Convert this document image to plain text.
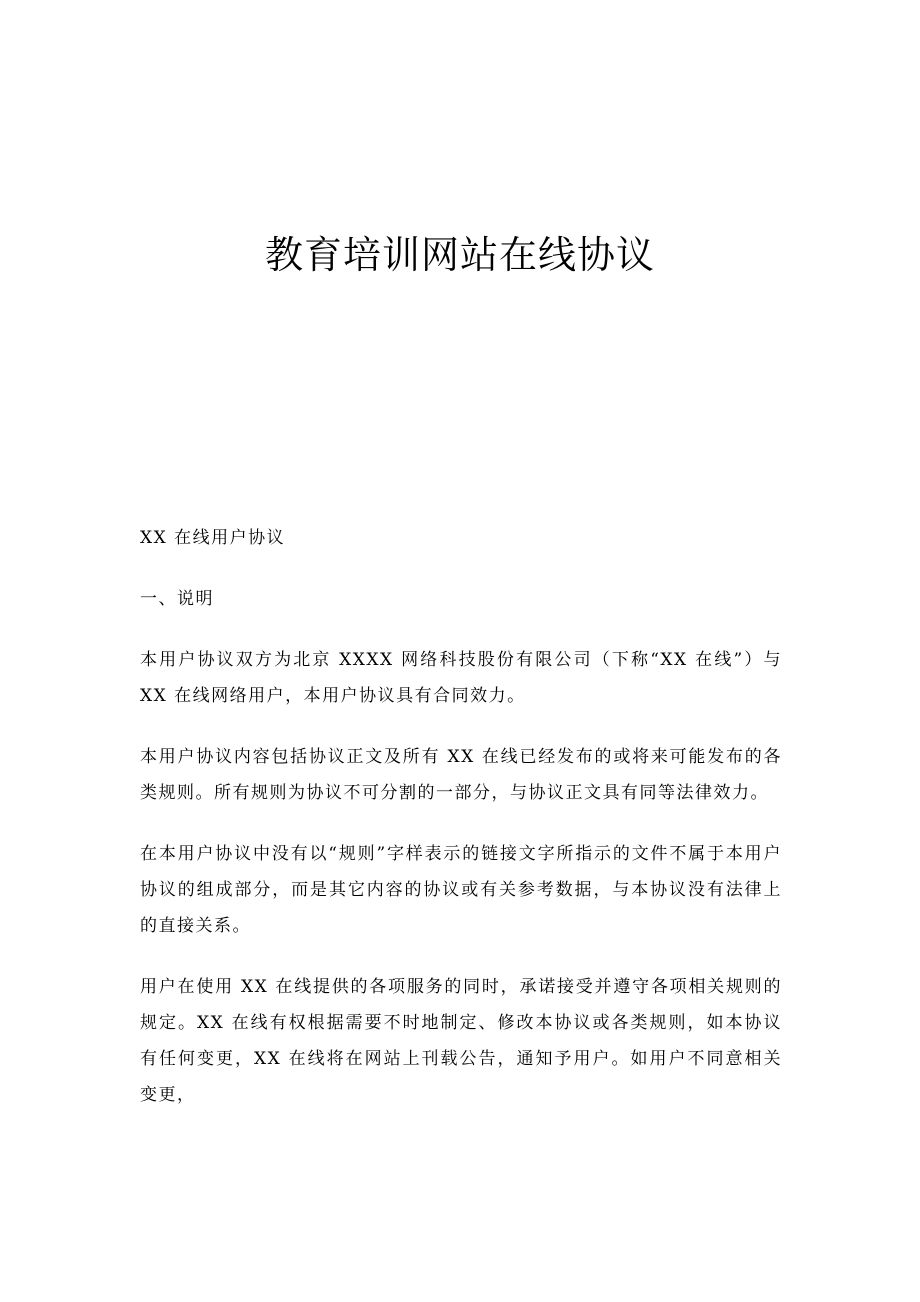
教育培训网站在线协议

XX 在线用户协议

一、说明

本用户协议双方为北京 XXXX 网络科技股份有限公司（下称“XX 在线”）与 XX 在线网络用户，本用户协议具有合同效力。

本用户协议内容包括协议正文及所有 XX 在线已经发布的或将来可能发布的各类规则。所有规则为协议不可分割的一部分，与协议正文具有同等法律效力。

在本用户协议中没有以“规则”字样表示的链接文字所指示的文件不属于本用户协议的组成部分，而是其它内容的协议或有关参考数据，与本协议没有法律上的直接关系。

用户在使用 XX 在线提供的各项服务的同时，承诺接受并遵守各项相关规则的规定。XX 在线有权根据需要不时地制定、修改本协议或各类规则，如本协议有任何变更，XX 在线将在网站上刊载公告，通知予用户。如用户不同意相关变更，
